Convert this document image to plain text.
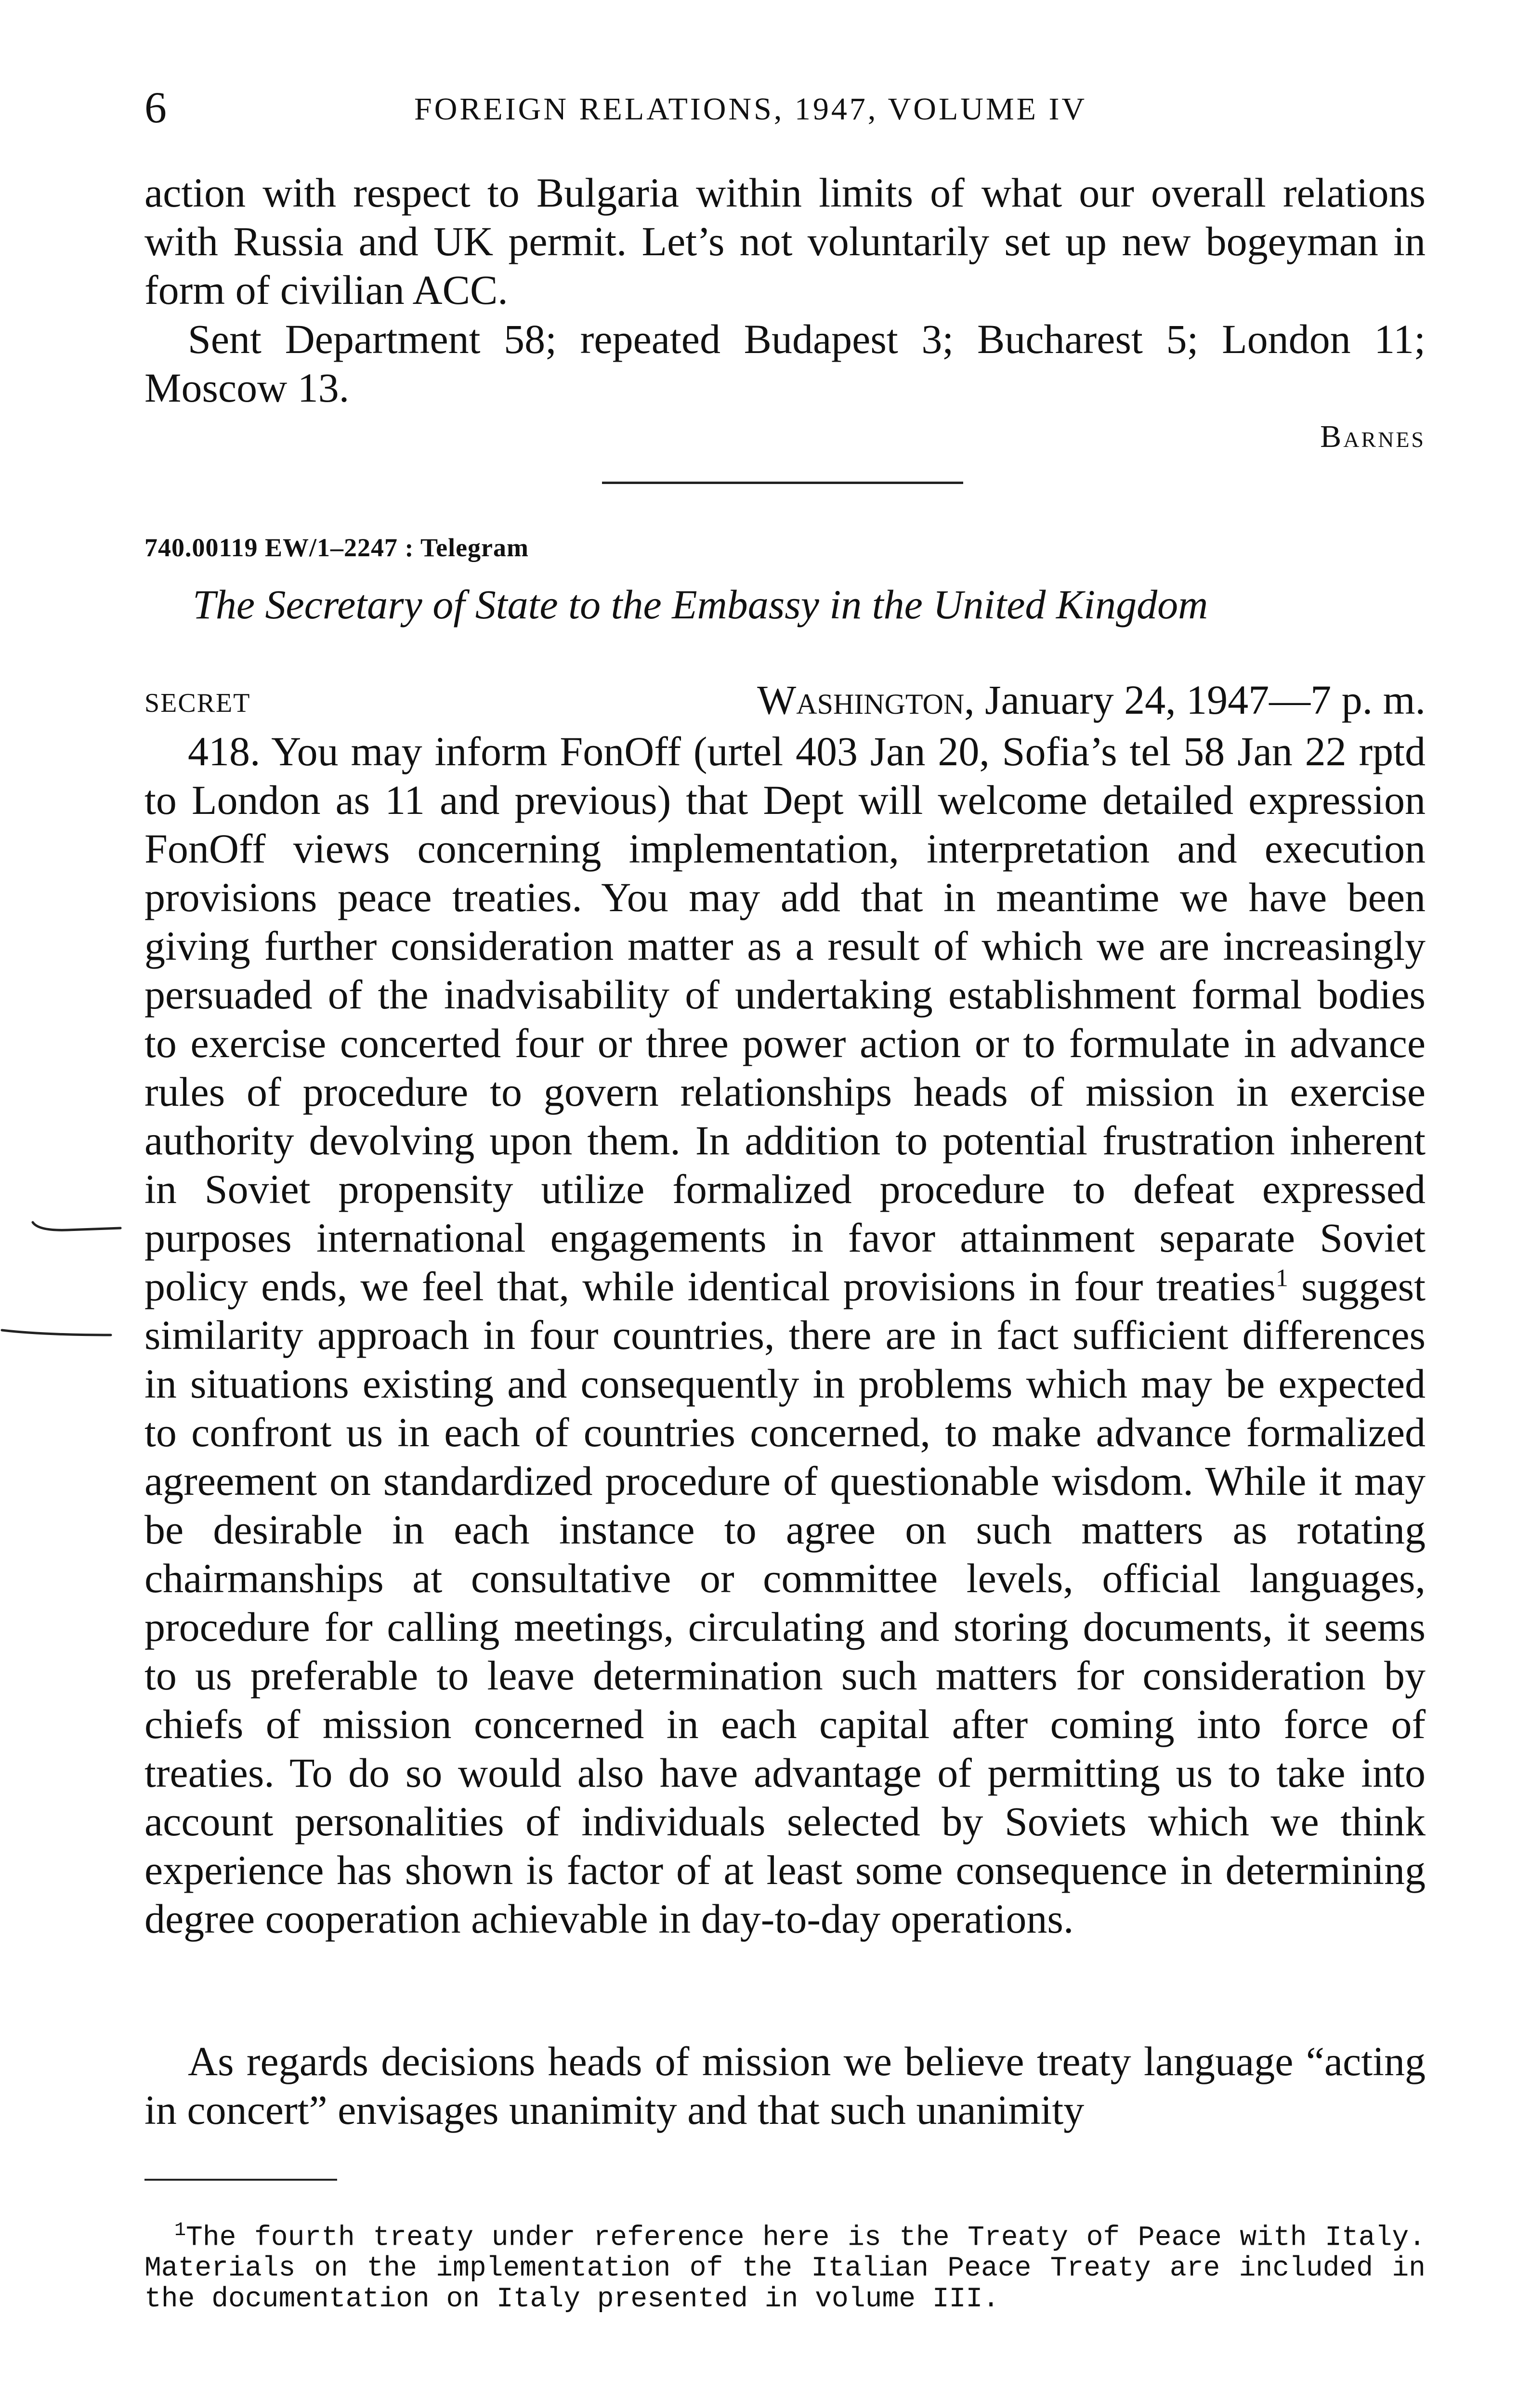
6	FOREIGN RELATIONS, 1947, VOLUME IV

action with respect to Bulgaria within limits of what our overall relations with Russia and UK permit. Let’s not voluntarily set up new bogeyman in form of civilian ACC.

Sent Department 58; repeated Budapest 3; Bucharest 5; London 11; Moscow 13.

Barnes
740.00119 EW/1–2247 : Telegram
The Secretary of State to the Embassy in the United Kingdom
SECRET	Washington, January 24, 1947—7 p. m.

418. You may inform FonOff (urtel 403 Jan 20, Sofia’s tel 58 Jan 22 rptd to London as 11 and previous) that Dept will welcome detailed expression FonOff views concerning implementation, interpretation and execution provisions peace treaties. You may add that in meantime we have been giving further consideration matter as a result of which we are increasingly persuaded of the inadvisability of undertaking establishment formal bodies to exercise concerted four or three power action or to formulate in advance rules of procedure to govern relationships heads of mission in exercise authority devolving upon them. In addition to potential frustration inherent in Soviet propensity utilize formalized procedure to defeat expressed purposes international engagements in favor attainment separate Soviet policy ends, we feel that, while identical provisions in four treaties$^1$ suggest similarity approach in four countries, there are in fact sufficient differences in situations existing and consequently in problems which may be expected to confront us in each of countries concerned, to make advance formalized agreement on standardized procedure of questionable wisdom. While it may be desirable in each instance to agree on such matters as rotating chairmanships at consultative or committee levels, official languages, procedure for calling meetings, circulating and storing documents, it seems to us preferable to leave determination such matters for consideration by chiefs of mission concerned in each capital after coming into force of treaties. To do so would also have advantage of permitting us to take into account personalities of individuals selected by Soviets which we think experience has shown is factor of at least some consequence in determining degree cooperation achievable in day-to-day operations.

As regards decisions heads of mission we believe treaty language “acting in concert” envisages unanimity and that such unanimity

$^1$The fourth treaty under reference here is the Treaty of Peace with Italy. Materials on the implementation of the Italian Peace Treaty are included in the documentation on Italy presented in volume III.
